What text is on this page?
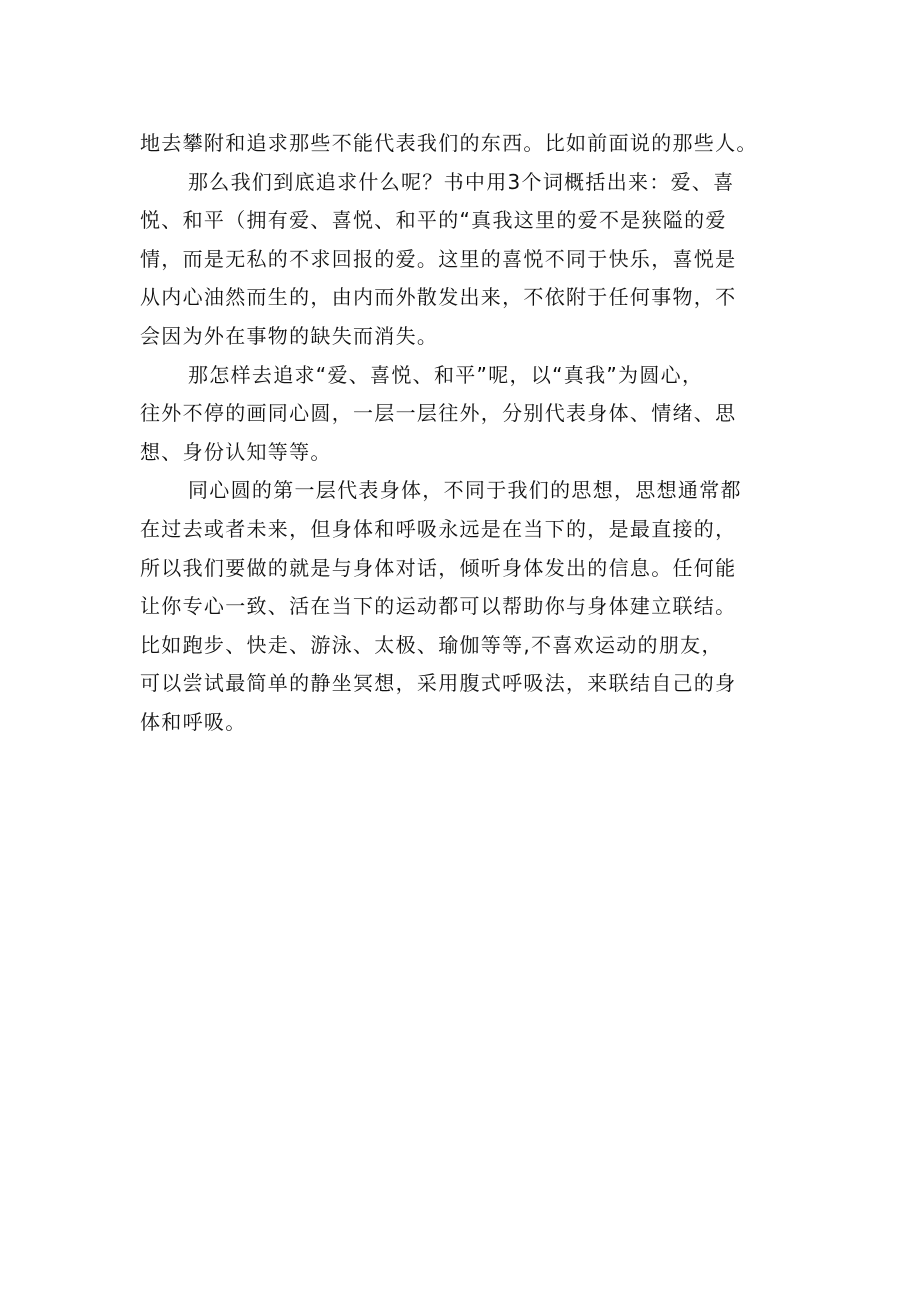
地去攀附和追求那些不能代表我们的东西。比如前面说的那些人。
那么我们到底追求什么呢？书中用3个词概括出来：爱、喜
悦、和平（拥有爱、喜悦、和平的“真我这里的爱不是狭隘的爱
情，而是无私的不求回报的爱。这里的喜悦不同于快乐，喜悦是
从内心油然而生的，由内而外散发出来，不依附于任何事物，不
会因为外在事物的缺失而消失。
那怎样去追求“爱、喜悦、和平”呢，以“真我”为圆心，
往外不停的画同心圆，一层一层往外，分别代表身体、情绪、思
想、身份认知等等。
同心圆的第一层代表身体，不同于我们的思想，思想通常都
在过去或者未来，但身体和呼吸永远是在当下的，是最直接的，
所以我们要做的就是与身体对话，倾听身体发出的信息。任何能
让你专心一致、活在当下的运动都可以帮助你与身体建立联结。
比如跑步、快走、游泳、太极、瑜伽等等,不喜欢运动的朋友，
可以尝试最简单的静坐冥想，采用腹式呼吸法，来联结自己的身
体和呼吸。
